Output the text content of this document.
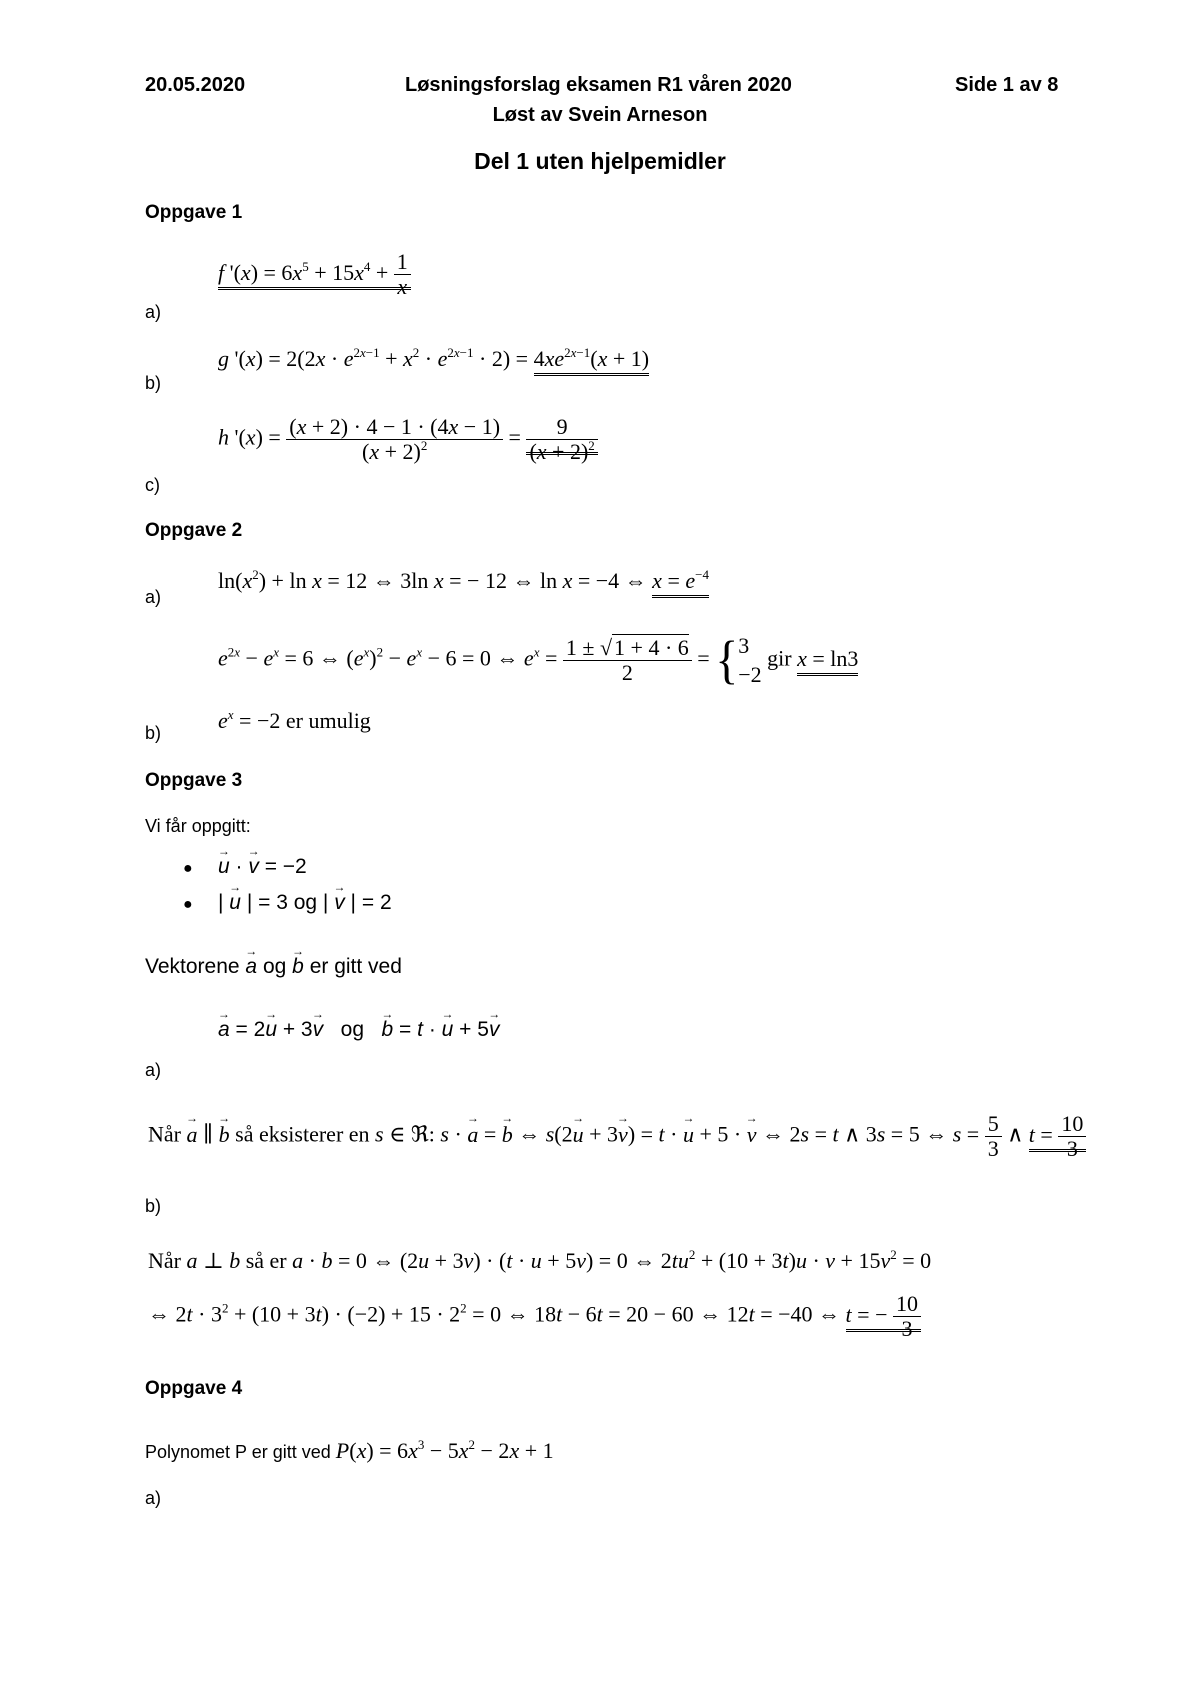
20.05.2020	Løsningsforslag eksamen R1 våren 2020	Side 1 av 8
Løst av Svein Arneson
Del 1 uten hjelpemidler
Oppgave 1
a)
f '$(x) = 6x^5 + 15x^4 + \frac{1}{x}$
b)
g '$(x) = 2(2x \cdot e^{2x-1} + x^2 \cdot e^{2x-1} \cdot 2) = 4xe^{2x-1}(x + 1)$
c)
h '$(x) = \frac{(x + 2) \cdot 4 - 1 \cdot (4x - 1)}{(x + 2)^2} = \frac{9}{(x + 2)^2}$
Oppgave 2
a)
$\ln(x^2) + \ln x = 12$ ⇔ 3ln x = − 12 ⇔ ln x = −4 ⇔ $x = e^{-4}$
$e^{2x} - e^x = 6$ ⇔ $(e^x)^2 - e^x - 6 = 0$ ⇔ $e^x = \frac{1 \pm √1 + 4 \cdot 6}{2} = \{3$
−2 gir x = ln3
b)	$e^x = -2$ er umulig
Oppgave 3
Vi får oppgitt:
● → u · → v = −2
● | → u | = 3 og | → v | = 2
Vektorene → a og → b er gitt ved
→ a = 2→ u + 3→ v og → b = t · → u + 5→ v
a)
Når → a ∥ → b så eksisterer en s ∈ ℜ: s · → a = → b ⇔ s(2→ u + 3→ v) = t · → u + 5 · → v ⇔ 2s = t ∧ 3s = 5 ⇔ $s = \frac{5}{3}$ ∧ $t = \frac{10}{3}$
b)
Når a ⊥ b så er a · b = 0 ⇔ (2u + 3v) · (t · u + 5v) = 0 ⇔ $2tu^2 + (10 + 3t)u \cdot v + 15v^2 = 0$
⇔ $2t \cdot 3^2 + (10 + 3t) \cdot (-2) + 15 \cdot 2^2 = 0$ ⇔ 18t − 6t = 20 − 60 ⇔ 12t = −40 ⇔ t = − $\frac{10}{3}$
Oppgave 4
Polynomet P er gitt ved $P(x) = 6x^3 - 5x^2 - 2x + 1$
a)
